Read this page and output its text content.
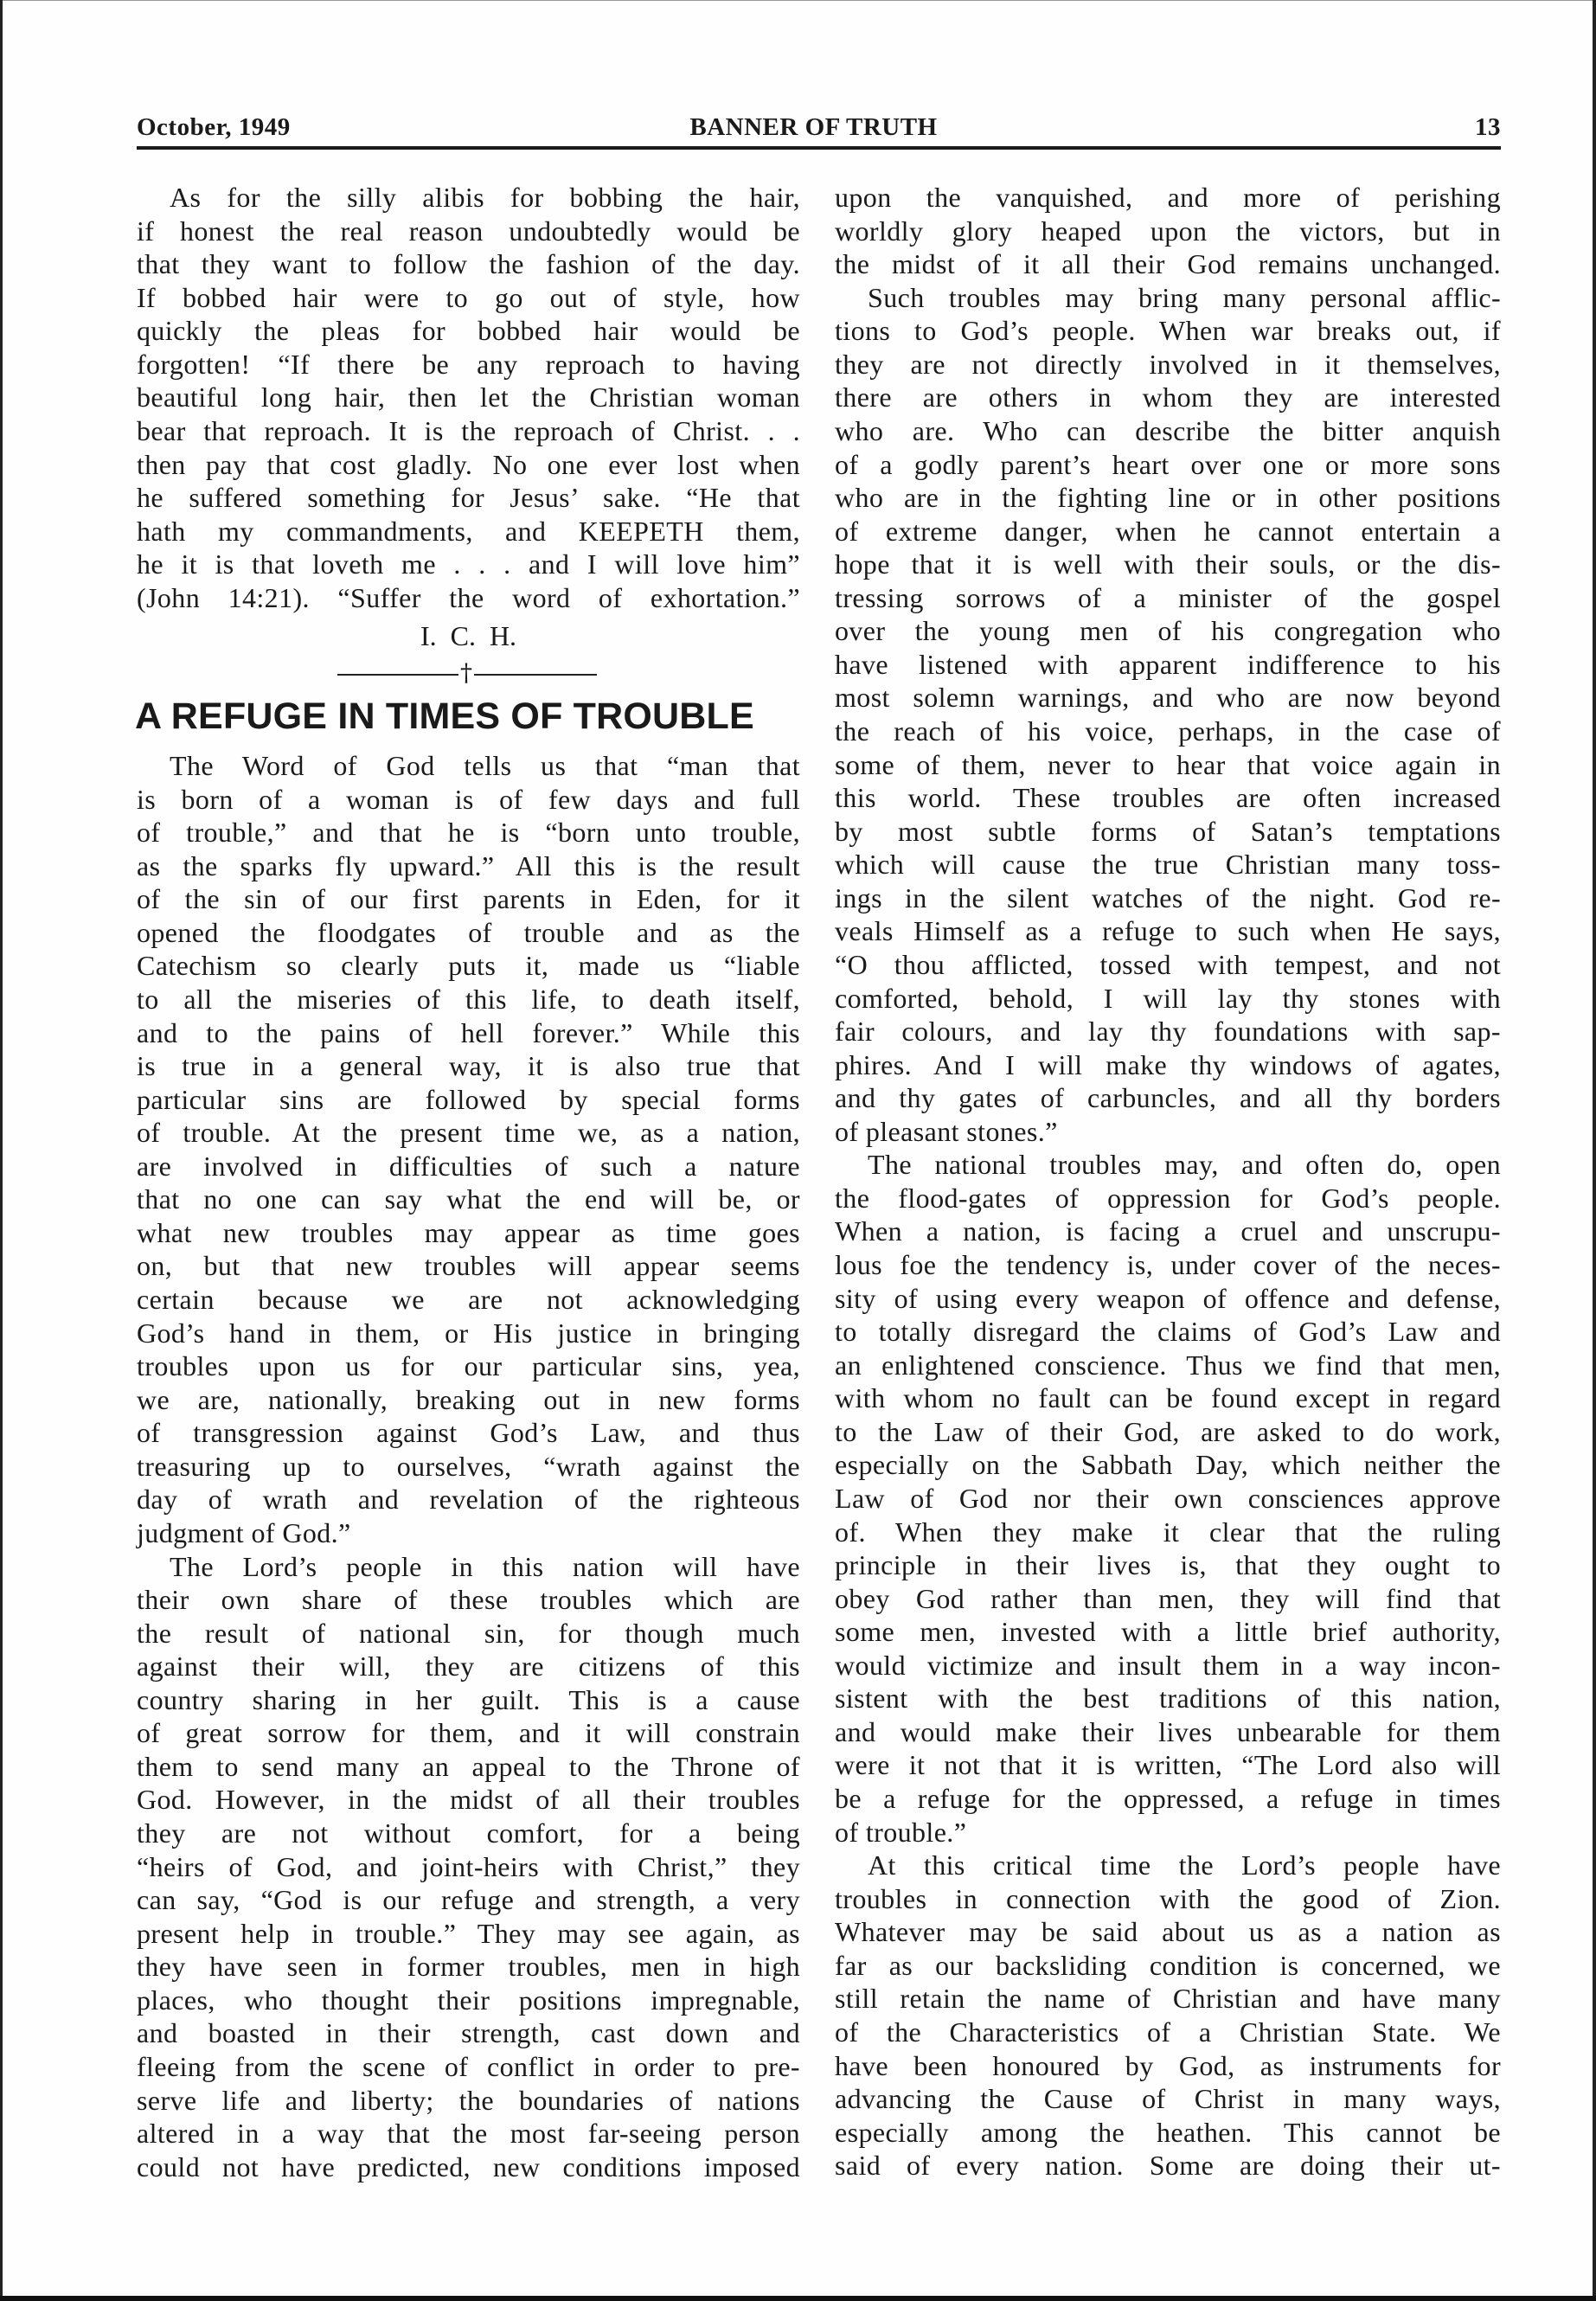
October, 1949	BANNER OF TRUTH	13
As for the silly alibis for bobbing the hair,
if honest the real reason undoubtedly would be
that they want to follow the fashion of the day.
If bobbed hair were to go out of style, how
quickly the pleas for bobbed hair would be
forgotten! “If there be any reproach to having
beautiful long hair, then let the Christian woman
bear that reproach. It is the reproach of Christ. . .
then pay that cost gladly. No one ever lost when
he suffered something for Jesus’ sake. “He that
hath my commandments, and KEEPETH them,
he it is that loveth me . . . and I will love him”
(John 14:21). “Suffer the word of exhortation.”
I. C. H.
†
A REFUGE IN TIMES OF TROUBLE
The Word of God tells us that “man that
is born of a woman is of few days and full
of trouble,” and that he is “born unto trouble,
as the sparks fly upward.” All this is the result
of the sin of our first parents in Eden, for it
opened the floodgates of trouble and as the
Catechism so clearly puts it, made us “liable
to all the miseries of this life, to death itself,
and to the pains of hell forever.” While this
is true in a general way, it is also true that
particular sins are followed by special forms
of trouble. At the present time we, as a nation,
are involved in difficulties of such a nature
that no one can say what the end will be, or
what new troubles may appear as time goes
on, but that new troubles will appear seems
certain because we are not acknowledging
God’s hand in them, or His justice in bringing
troubles upon us for our particular sins, yea,
we are, nationally, breaking out in new forms
of transgression against God’s Law, and thus
treasuring up to ourselves, “wrath against the
day of wrath and revelation of the righteous
judgment of God.”
The Lord’s people in this nation will have
their own share of these troubles which are
the result of national sin, for though much
against their will, they are citizens of this
country sharing in her guilt. This is a cause
of great sorrow for them, and it will constrain
them to send many an appeal to the Throne of
God. However, in the midst of all their troubles
they are not without comfort, for a being
“heirs of God, and joint-heirs with Christ,” they
can say, “God is our refuge and strength, a very
present help in trouble.” They may see again, as
they have seen in former troubles, men in high
places, who thought their positions impregnable,
and boasted in their strength, cast down and
fleeing from the scene of conflict in order to pre-
serve life and liberty; the boundaries of nations
altered in a way that the most far-seeing person
could not have predicted, new conditions imposed
upon the vanquished, and more of perishing
worldly glory heaped upon the victors, but in
the midst of it all their God remains unchanged.
Such troubles may bring many personal afflic-
tions to God’s people. When war breaks out, if
they are not directly involved in it themselves,
there are others in whom they are interested
who are. Who can describe the bitter anquish
of a godly parent’s heart over one or more sons
who are in the fighting line or in other positions
of extreme danger, when he cannot entertain a
hope that it is well with their souls, or the dis-
tressing sorrows of a minister of the gospel
over the young men of his congregation who
have listened with apparent indifference to his
most solemn warnings, and who are now beyond
the reach of his voice, perhaps, in the case of
some of them, never to hear that voice again in
this world. These troubles are often increased
by most subtle forms of Satan’s temptations
which will cause the true Christian many toss-
ings in the silent watches of the night. God re-
veals Himself as a refuge to such when He says,
“O thou afflicted, tossed with tempest, and not
comforted, behold, I will lay thy stones with
fair colours, and lay thy foundations with sap-
phires. And I will make thy windows of agates,
and thy gates of carbuncles, and all thy borders
of pleasant stones.”
The national troubles may, and often do, open
the flood-gates of oppression for God’s people.
When a nation, is facing a cruel and unscrupu-
lous foe the tendency is, under cover of the neces-
sity of using every weapon of offence and defense,
to totally disregard the claims of God’s Law and
an enlightened conscience. Thus we find that men,
with whom no fault can be found except in regard
to the Law of their God, are asked to do work,
especially on the Sabbath Day, which neither the
Law of God nor their own consciences approve
of. When they make it clear that the ruling
principle in their lives is, that they ought to
obey God rather than men, they will find that
some men, invested with a little brief authority,
would victimize and insult them in a way incon-
sistent with the best traditions of this nation,
and would make their lives unbearable for them
were it not that it is written, “The Lord also will
be a refuge for the oppressed, a refuge in times
of trouble.”
At this critical time the Lord’s people have
troubles in connection with the good of Zion.
Whatever may be said about us as a nation as
far as our backsliding condition is concerned, we
still retain the name of Christian and have many
of the Characteristics of a Christian State. We
have been honoured by God, as instruments for
advancing the Cause of Christ in many ways,
especially among the heathen. This cannot be
said of every nation. Some are doing their ut-
